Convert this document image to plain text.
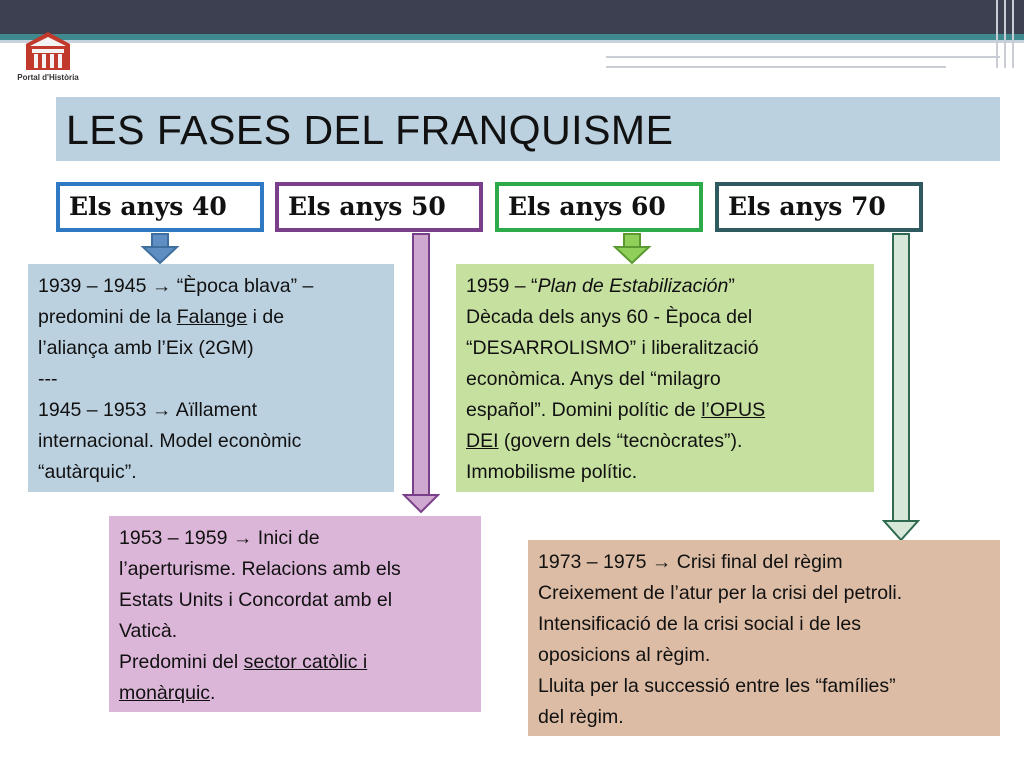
Portal d'Història
LES FASES DEL FRANQUISME
Els anys 40	Els anys 50	Els anys 60	Els anys 70

1939 – 1945 → “Època blava” –

predomini de la Falange i de

l’aliança amb l’Eix (2GM)

---

1945 – 1953 → Aïllament

internacional. Model econòmic

“autàrquic”.

1959 – “Plan de Estabilización”

Dècada dels anys 60 - Època del

“DESARROLISMO” i liberalització

econòmica. Anys del “milagro

español”. Domini polític de l’OPUS

DEI (govern dels “tecnòcrates”).

Immobilisme polític.

1953 – 1959 → Inici de

l’aperturisme. Relacions amb els

Estats Units i Concordat amb el

Vaticà.

Predomini del sector catòlic i

monàrquic.

1973 – 1975 → Crisi final del règim

Creixement de l’atur per la crisi del petroli.

Intensificació de la crisi social i de les

oposicions al règim.

Lluita per la successió entre les “famílies”

del règim.
